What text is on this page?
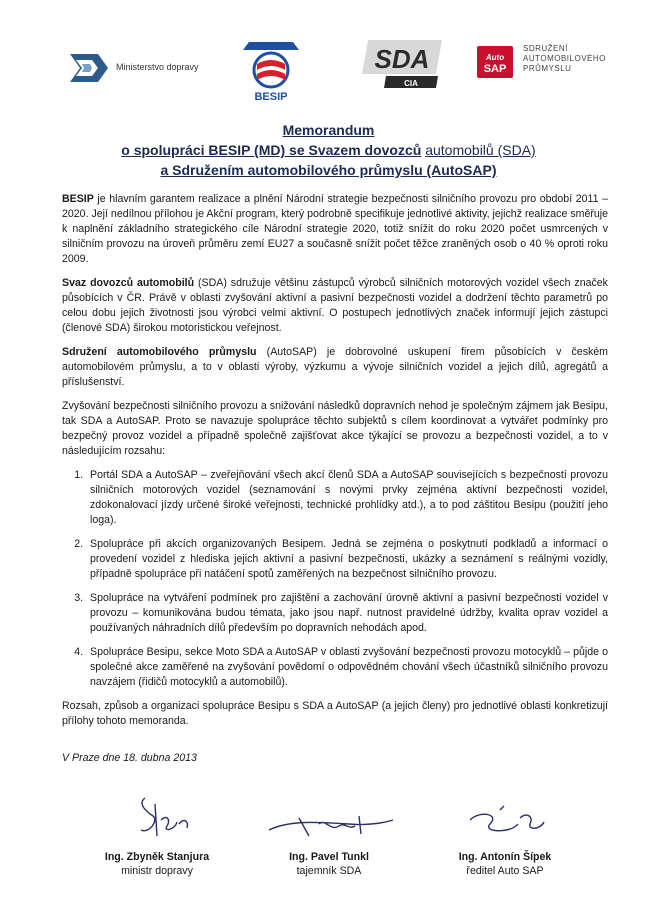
Ministerstvo dopravy
BESIP
SDA
CIA
Auto
SAP
SDRUŽENÍ
AUTOMOBILOVÉHO
PRŮMYSLU
Memorandum
o spolupráci BESIP (MD) se Svazem dovozců automobilů (SDA)
a Sdružením automobilového průmyslu (AutoSAP)

BESIP je hlavním garantem realizace a plnění Národní strategie bezpečnosti silničního provozu pro období 2011 – 2020. Její nedílnou přílohou je Akční program, který podrobně specifikuje jednotlivé aktivity, jejichž realizace směřuje k naplnění základního strategického cíle Národní strategie 2020, totiž snížit do roku 2020 počet usmrcených v silničním provozu na úroveň průměru zemí EU27 a současně snížit počet těžce zraněných osob o 40 % oproti roku 2009.

Svaz dovozců automobilů (SDA) sdružuje většinu zástupců výrobců silničních motorových vozidel všech značek působících v ČR. Právě v oblasti zvyšování aktivní a pasivní bezpečnosti vozidel a dodržení těchto parametrů po celou dobu jejich životnosti jsou výrobci velmi aktivní. O postupech jednotlivých značek informují jejich zástupci (členové SDA) širokou motoristickou veřejnost.

Sdružení automobilového průmyslu (AutoSAP) je dobrovolné uskupení firem působících v českém automobilovém průmyslu, a to v oblasti výroby, výzkumu a vývoje silničních vozidel a jejich dílů, agregátů a příslušenství.

Zvyšování bezpečnosti silničního provozu a snižování následků dopravních nehod je společným zájmem jak Besipu, tak SDA a AutoSAP. Proto se navazuje spolupráce těchto subjektů s cílem koordinovat a vytvářet podmínky pro bezpečný provoz vozidel a případně společně zajišťovat akce týkající se provozu a bezpečnosti vozidel, a to v následujícím rozsahu:

1. Portál SDA a AutoSAP – zveřejňování všech akcí členů SDA a AutoSAP souvisejících s bezpečností provozu silničních motorových vozidel (seznamování s novými prvky zejména aktivní bezpečnosti vozidel, zdokonalovací jízdy určené široké veřejnosti, technické prohlídky atd.), a to pod záštitou Besipu (použití jeho loga).
2. Spolupráce při akcích organizovaných Besipem. Jedná se zejména o poskytnutí podkladů a informací o provedení vozidel z hlediska jejich aktivní a pasivní bezpečnosti, ukázky a seznámení s reálnými vozidly, případně spolupráce při natáčení spotů zaměřených na bezpečnost silničního provozu.
3. Spolupráce na vytváření podmínek pro zajištění a zachování úrovně aktivní a pasivní bezpečnosti vozidel v provozu – komunikována budou témata, jako jsou např. nutnost pravidelné údržby, kvalita oprav vozidel a používaných náhradních dílů především po dopravních nehodách apod.
4. Spolupráce Besipu, sekce Moto SDA a AutoSAP v oblasti zvyšování bezpečnosti provozu motocyklů – půjde o společné akce zaměřené na zvyšování povědomí o odpovědném chování všech účastníků silničního provozu navzájem (řidičů motocyklů a automobilů).

Rozsah, způsob a organizaci spolupráce Besipu s SDA a AutoSAP (a jejich členy) pro jednotlivé oblasti konkretizují přílohy tohoto memoranda.

V Praze dne 18. dubna 2013
Ing. Zbyněk Stanjura
ministr dopravy
Ing. Pavel Tunkl
tajemník SDA
Ing. Antonín Šípek
ředitel Auto SAP
